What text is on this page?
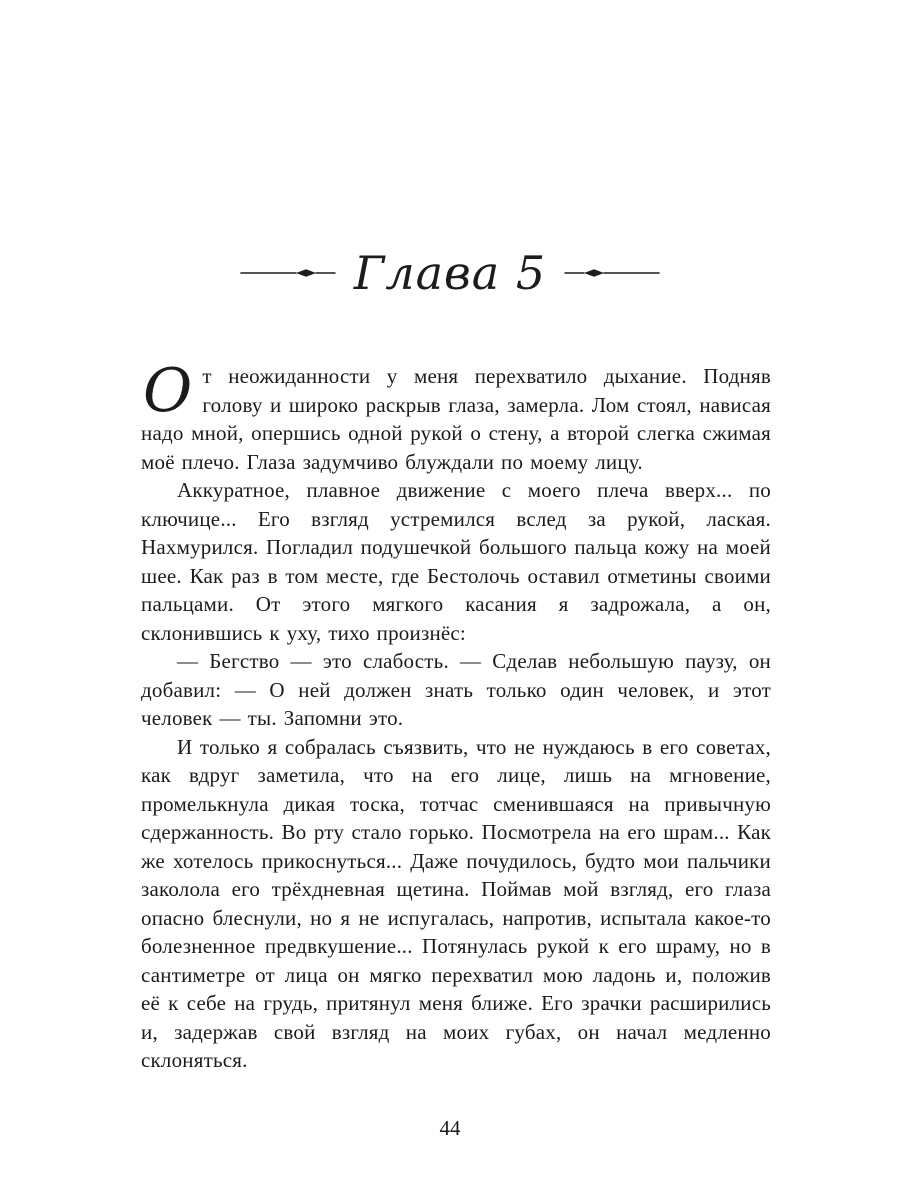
Глава 5

От неожиданности у меня перехватило дыхание. Подняв голову и широко раскрыв глаза, замерла. Лом стоял, нависая надо мной, опершись одной рукой о стену, а второй слегка сжимая моё плечо. Глаза задумчиво блуждали по моему лицу.

Аккуратное, плавное движение с моего плеча вверх... по ключице... Его взгляд устремился вслед за рукой, лаская. Нахмурился. Погладил подушечкой большого пальца кожу на моей шее. Как раз в том месте, где Бестолочь оставил отметины своими пальцами. От этого мягкого касания я задрожала, а он, склонившись к уху, тихо произнёс:

— Бегство — это слабость. — Сделав небольшую паузу, он добавил: — О ней должен знать только один человек, и этот человек — ты. Запомни это.

И только я собралась съязвить, что не нуждаюсь в его советах, как вдруг заметила, что на его лице, лишь на мгновение, промелькнула дикая тоска, тотчас сменившаяся на привычную сдержанность. Во рту стало горько. Посмотрела на его шрам... Как же хотелось прикоснуться... Даже почудилось, будто мои пальчики заколола его трёхдневная щетина. Поймав мой взгляд, его глаза опасно блеснули, но я не испугалась, напротив, испытала какое-то болезненное предвкушение... Потянулась рукой к его шраму, но в сантиметре от лица он мягко перехватил мою ладонь и, положив её к себе на грудь, притянул меня ближе. Его зрачки расширились и, задержав свой взгляд на моих губах, он начал медленно склоняться.

44
